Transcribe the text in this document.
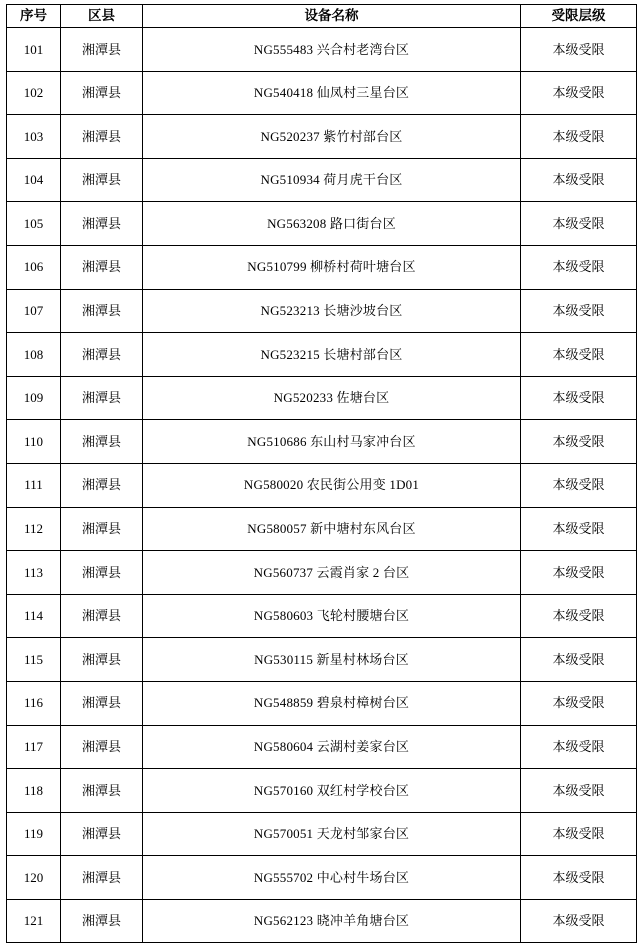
序号	区县	设备名称	受限层级
101	湘潭县	NG555483 兴合村老湾台区	本级受限
102	湘潭县	NG540418 仙凤村三星台区	本级受限
103	湘潭县	NG520237 紫竹村部台区	本级受限
104	湘潭县	NG510934 荷月虎干台区	本级受限
105	湘潭县	NG563208 路口街台区	本级受限
106	湘潭县	NG510799 柳桥村荷叶塘台区	本级受限
107	湘潭县	NG523213 长塘沙坡台区	本级受限
108	湘潭县	NG523215 长塘村部台区	本级受限
109	湘潭县	NG520233 佐塘台区	本级受限
110	湘潭县	NG510686 东山村马家冲台区	本级受限
111	湘潭县	NG580020 农民街公用变 1D01	本级受限
112	湘潭县	NG580057 新中塘村东风台区	本级受限
113	湘潭县	NG560737 云霞肖家 2 台区	本级受限
114	湘潭县	NG580603 飞轮村腰塘台区	本级受限
115	湘潭县	NG530115 新星村林场台区	本级受限
116	湘潭县	NG548859 碧泉村樟树台区	本级受限
117	湘潭县	NG580604 云湖村姜家台区	本级受限
118	湘潭县	NG570160 双红村学校台区	本级受限
119	湘潭县	NG570051 天龙村邹家台区	本级受限
120	湘潭县	NG555702 中心村牛场台区	本级受限
121	湘潭县	NG562123 晓冲羊角塘台区	本级受限
